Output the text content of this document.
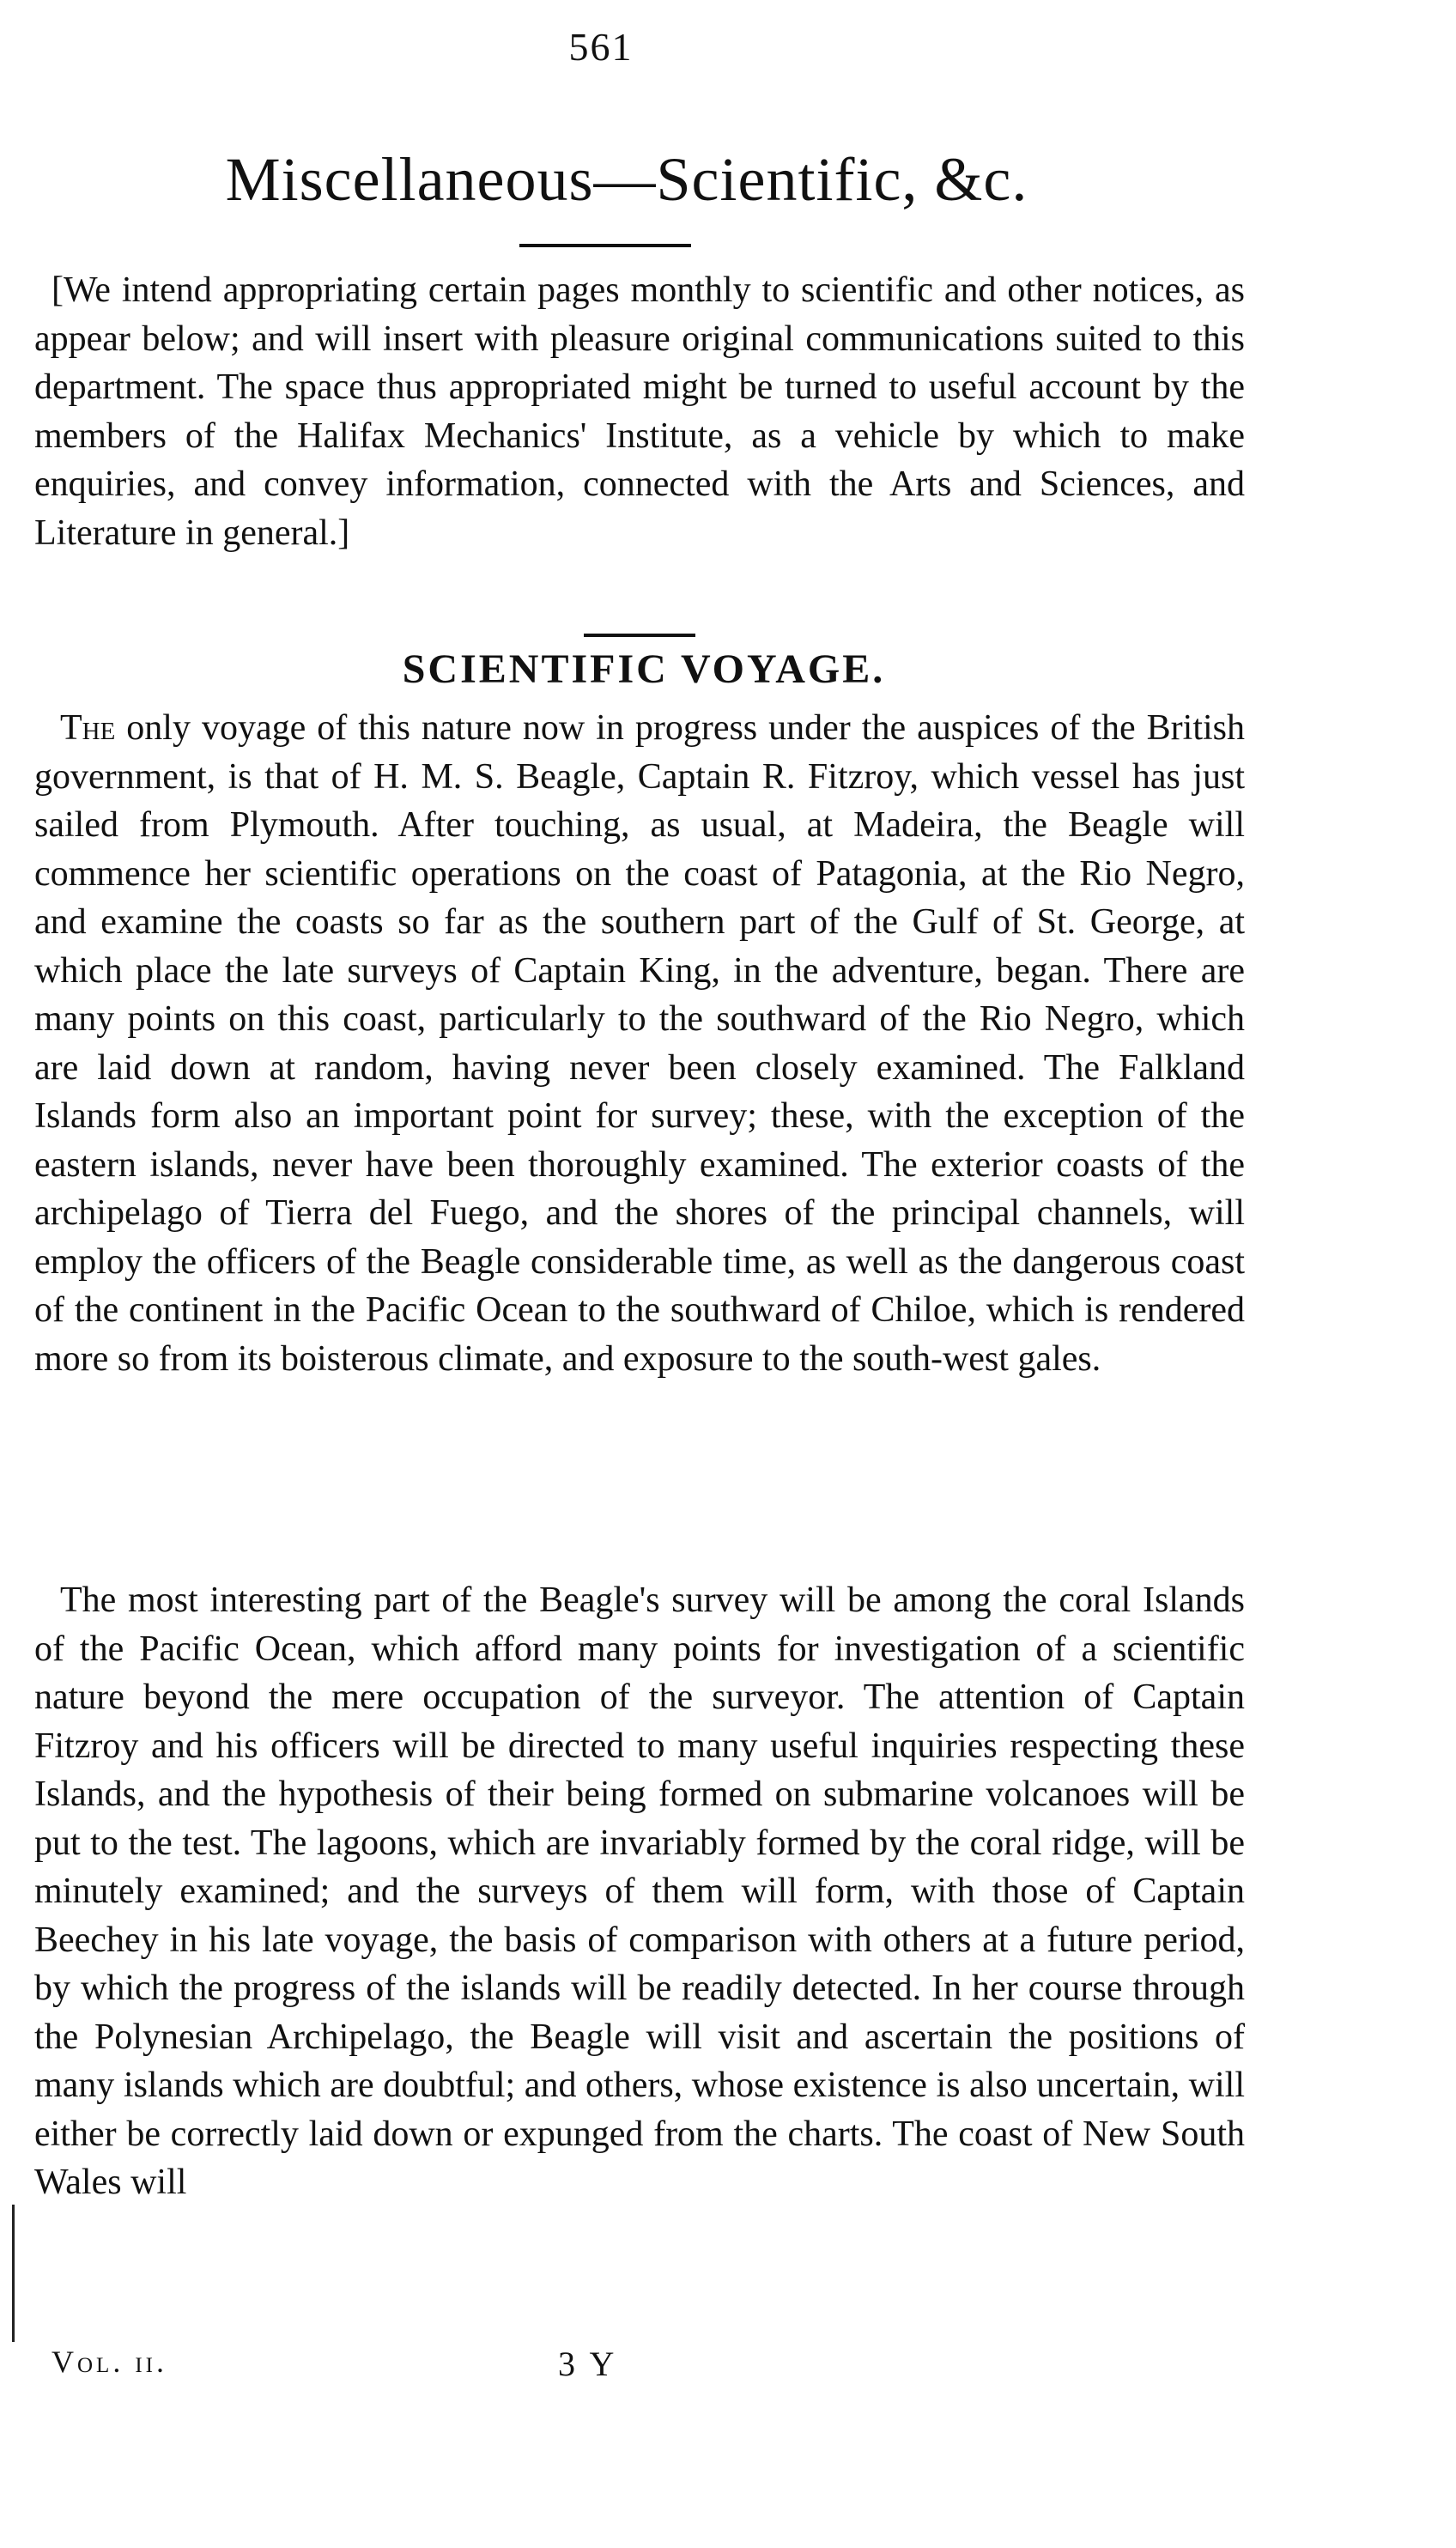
561
Miscellaneous—Scientific, &c.

[We intend appropriating certain pages monthly to scientific and other notices, as appear below; and will insert with pleasure original communications suited to this department. The space thus appropriated might be turned to useful account by the members of the Halifax Mechanics' Institute, as a vehicle by which to make enquiries, and convey information, connected with the Arts and Sciences, and Literature in general.]

SCIENTIFIC VOYAGE.

The only voyage of this nature now in progress under the auspices of the British government, is that of H. M. S. Beagle, Captain R. Fitzroy, which vessel has just sailed from Plymouth. After touching, as usual, at Madeira, the Beagle will commence her scientific operations on the coast of Patagonia, at the Rio Negro, and examine the coasts so far as the southern part of the Gulf of St. George, at which place the late surveys of Captain King, in the adventure, began. There are many points on this coast, particularly to the southward of the Rio Negro, which are laid down at random, having never been closely examined. The Falkland Islands form also an important point for survey; these, with the exception of the eastern islands, never have been thoroughly examined. The exterior coasts of the archipelago of Tierra del Fuego, and the shores of the principal channels, will employ the officers of the Beagle considerable time, as well as the dangerous coast of the continent in the Pacific Ocean to the southward of Chiloe, which is rendered more so from its boisterous climate, and exposure to the south-west gales.

The most interesting part of the Beagle's survey will be among the coral Islands of the Pacific Ocean, which afford many points for investigation of a scientific nature beyond the mere occupation of the surveyor. The attention of Captain Fitzroy and his officers will be directed to many useful inquiries respecting these Islands, and the hypothesis of their being formed on submarine volcanoes will be put to the test. The lagoons, which are invariably formed by the coral ridge, will be minutely examined; and the surveys of them will form, with those of Captain Beechey in his late voyage, the basis of comparison with others at a future period, by which the progress of the islands will be readily detected. In her course through the Polynesian Archipelago, the Beagle will visit and ascertain the positions of many islands which are doubtful; and others, whose existence is also uncertain, will either be correctly laid down or expunged from the charts. The coast of New South Wales will

Vol. ii.	3 Y
